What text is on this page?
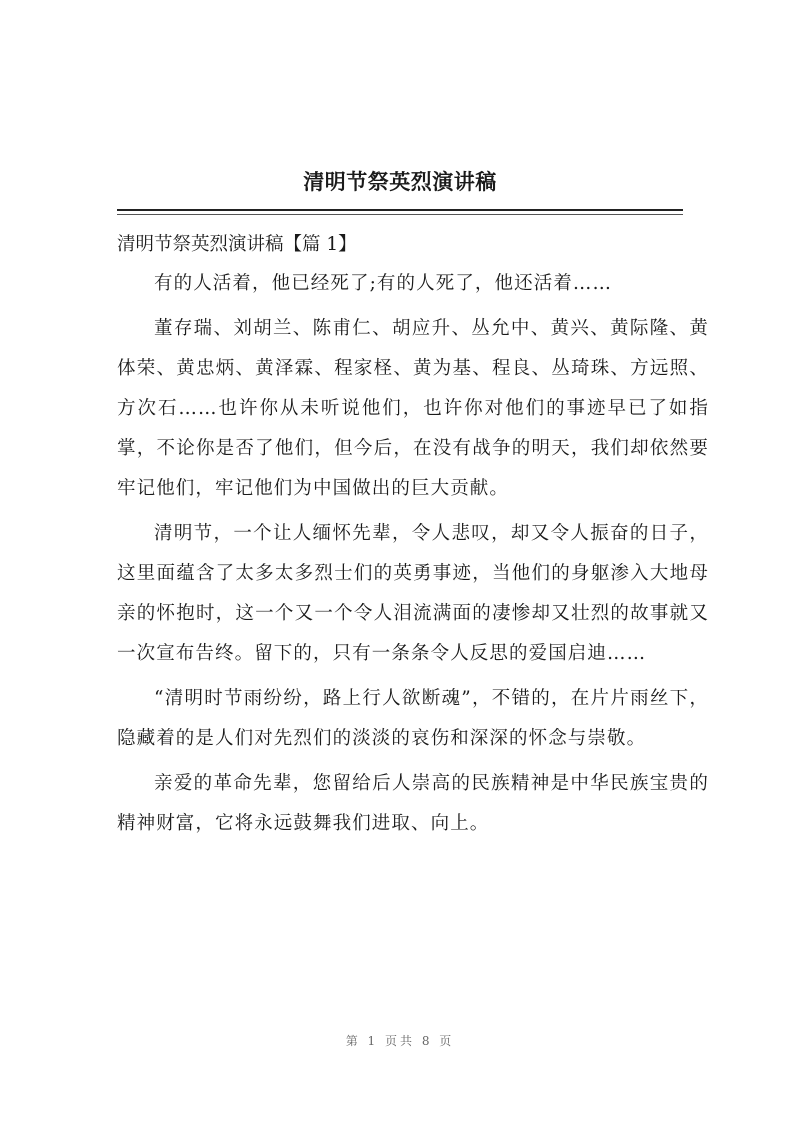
清明节祭英烈演讲稿

清明节祭英烈演讲稿【篇 1】

有的人活着，他已经死了;有的人死了，他还活着……

董存瑞、刘胡兰、陈甫仁、胡应升、丛允中、黄兴、黄际隆、黄体荣、黄忠炳、黄泽霖、程家柽、黄为基、程良、丛琦珠、方远照、方次石……也许你从未听说他们，也许你对他们的事迹早已了如指掌，不论你是否了他们，但今后，在没有战争的明天，我们却依然要牢记他们，牢记他们为中国做出的巨大贡献。

清明节，一个让人缅怀先辈，令人悲叹，却又令人振奋的日子，这里面蕴含了太多太多烈士们的英勇事迹，当他们的身躯渗入大地母亲的怀抱时，这一个又一个令人泪流满面的凄惨却又壮烈的故事就又一次宣布告终。留下的，只有一条条令人反思的爱国启迪……

“清明时节雨纷纷，路上行人欲断魂”，不错的，在片片雨丝下，隐藏着的是人们对先烈们的淡淡的哀伤和深深的怀念与崇敬。

亲爱的革命先辈，您留给后人崇高的民族精神是中华民族宝贵的精神财富，它将永远鼓舞我们进取、向上。

第 1 页共 8 页
